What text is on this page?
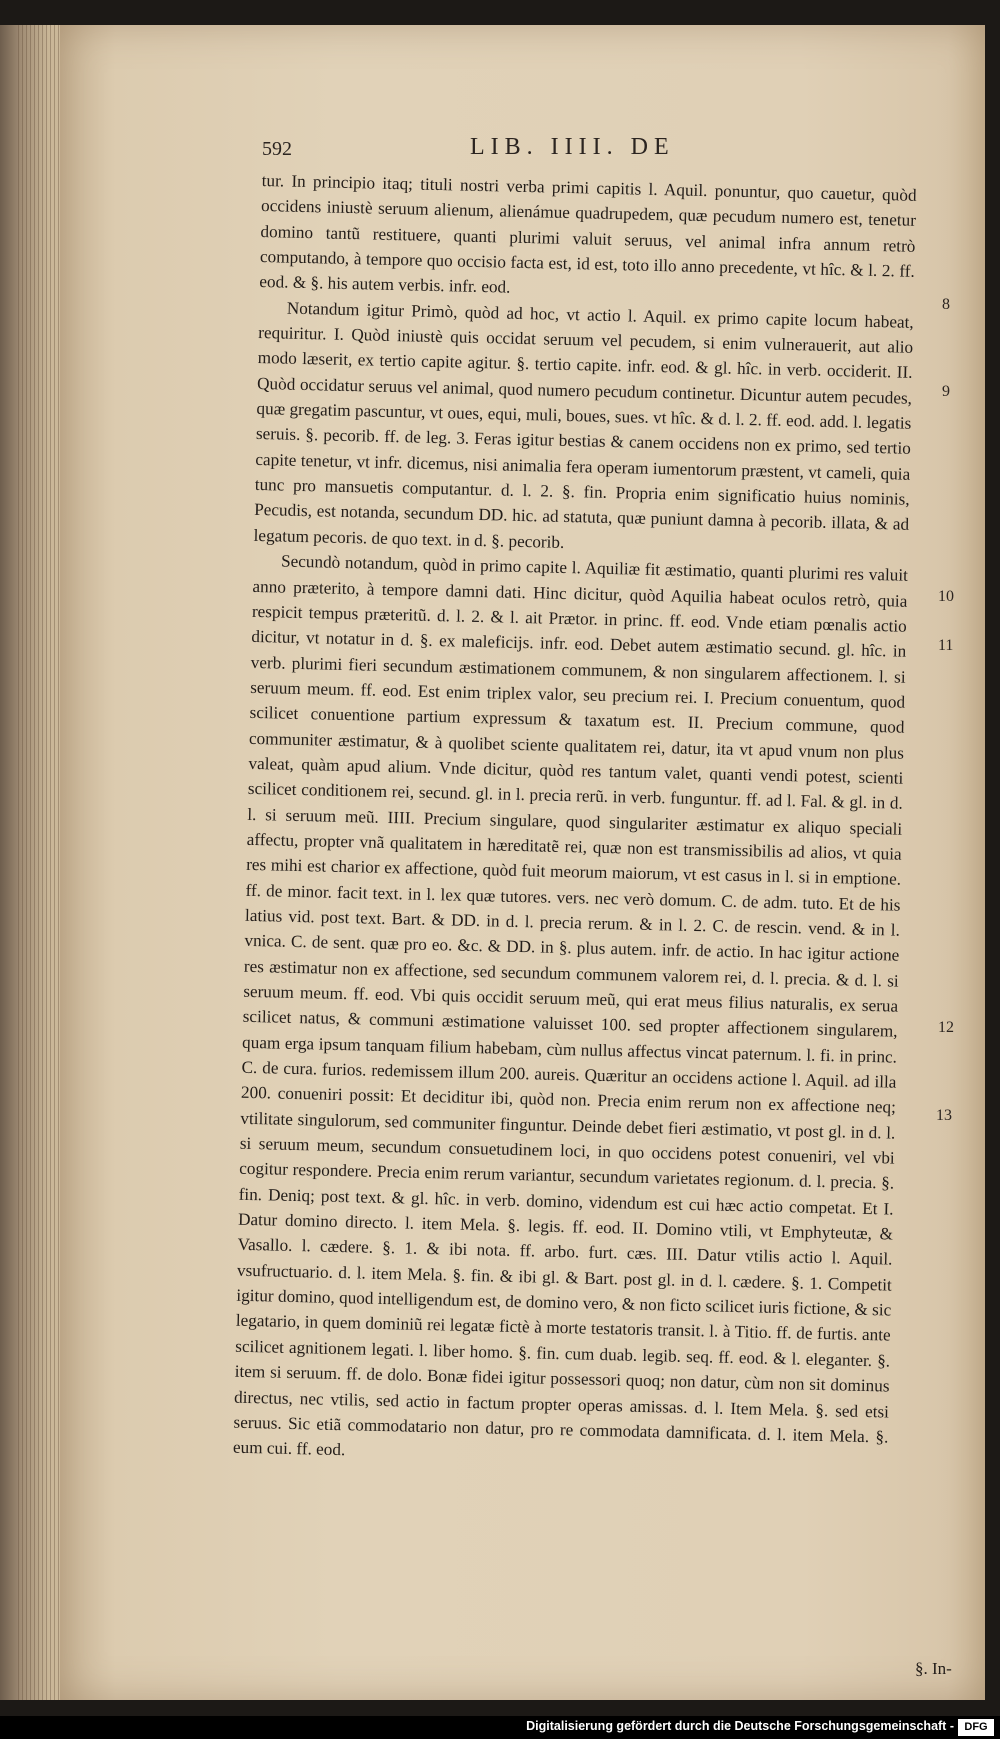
592	LIB. IIII. DE

tur. In principio itaq; tituli nostri verba primi capitis l. Aquil. ponuntur, quo cauetur, quòd occidens iniustè seruum alienum, alienámue quadrupedem, quæ pecudum numero est, tenetur domino tantũ restituere, quanti plurimi valuit seruus, vel animal infra annum retrò computando, à tempore quo occisio facta est, id est, toto illo anno precedente, vt hîc. & l. 2. ff. eod. & §. his autem verbis. infr. eod.

Notandum igitur Primò, quòd ad hoc, vt actio l. Aquil. ex primo capite locum habeat, requiritur. I. Quòd iniustè quis occidat seruum vel pecudem, si enim vulnerauerit, aut alio modo læserit, ex tertio capite agitur. §. tertio capite. infr. eod. & gl. hîc. in verb. occiderit. II. Quòd occidatur seruus vel animal, quod numero pecudum continetur. Dicuntur autem pecudes, quæ gregatim pascuntur, vt oues, equi, muli, boues, sues. vt hîc. & d. l. 2. ff. eod. add. l. legatis seruis. §. pecorib. ff. de leg. 3. Feras igitur bestias & canem occidens non ex primo, sed tertio capite tenetur, vt infr. dicemus, nisi animalia fera operam iumentorum præstent, vt cameli, quia tunc pro mansuetis computantur. d. l. 2. §. fin. Propria enim significatio huius nominis, Pecudis, est notanda, secundum DD. hic. ad statuta, quæ puniunt damna à pecorib. illata, & ad legatum pecoris. de quo text. in d. §. pecorib.

Secundò notandum, quòd in primo capite l. Aquiliæ fit æstimatio, quanti plurimi res valuit anno præterito, à tempore damni dati. Hinc dicitur, quòd Aquilia habeat oculos retrò, quia respicit tempus præteritũ. d. l. 2. & l. ait Prætor. in princ. ff. eod. Vnde etiam pœnalis actio dicitur, vt notatur in d. §. ex maleficijs. infr. eod. Debet autem æstimatio secund. gl. hîc. in verb. plurimi fieri secundum æstimationem communem, & non singularem affectionem. l. si seruum meum. ff. eod. Est enim triplex valor, seu precium rei. I. Precium conuentum, quod scilicet conuentione partium expressum & taxatum est. II. Precium commune, quod communiter æstimatur, & à quolibet sciente qualitatem rei, datur, ita vt apud vnum non plus valeat, quàm apud alium. Vnde dicitur, quòd res tantum valet, quanti vendi potest, scienti scilicet conditionem rei, secund. gl. in l. precia rerũ. in verb. funguntur. ff. ad l. Fal. & gl. in d. l. si seruum meũ. IIII. Precium singulare, quod singulariter æstimatur ex aliquo speciali affectu, propter vnã qualitatem in hæreditatẽ rei, quæ non est transmissibilis ad alios, vt quia res mihi est charior ex affectione, quòd fuit meorum maiorum, vt est casus in l. si in emptione. ff. de minor. facit text. in l. lex quæ tutores. vers. nec verò domum. C. de adm. tuto. Et de his latius vid. post text. Bart. & DD. in d. l. precia rerum. & in l. 2. C. de rescin. vend. & in l. vnica. C. de sent. quæ pro eo. &c. & DD. in §. plus autem. infr. de actio. In hac igitur actione res æstimatur non ex affectione, sed secundum communem valorem rei, d. l. precia. & d. l. si seruum meum. ff. eod. Vbi quis occidit seruum meũ, qui erat meus filius naturalis, ex serua scilicet natus, & communi æstimatione valuisset 100. sed propter affectionem singularem, quam erga ipsum tanquam filium habebam, cùm nullus affectus vincat paternum. l. fi. in princ. C. de cura. furios. redemissem illum 200. aureis. Quæritur an occidens actione l. Aquil. ad illa 200. conueniri possit: Et deciditur ibi, quòd non. Precia enim rerum non ex affectione neq; vtilitate singulorum, sed communiter finguntur. Deinde debet fieri æstimatio, vt post gl. in d. l. si seruum meum, secundum consuetudinem loci, in quo occidens potest conueniri, vel vbi cogitur respondere. Precia enim rerum variantur, secundum varietates regionum. d. l. precia. §. fin. Deniq; post text. & gl. hîc. in verb. domino, videndum est cui hæc actio competat. Et I. Datur domino directo. l. item Mela. §. legis. ff. eod. II. Domino vtili, vt Emphyteutæ, & Vasallo. l. cædere. §. 1. & ibi nota. ff. arbo. furt. cæs. III. Datur vtilis actio l. Aquil. vsufructuario. d. l. item Mela. §. fin. & ibi gl. & Bart. post gl. in d. l. cædere. §. 1. Competit igitur domino, quod intelligendum est, de domino vero, & non ficto scilicet iuris fictione, & sic legatario, in quem dominiũ rei legatæ fictè à morte testatoris transit. l. à Titio. ff. de furtis. ante scilicet agnitionem legati. l. liber homo. §. fin. cum duab. legib. seq. ff. eod. & l. eleganter. §. item si seruum. ff. de dolo. Bonæ fidei igitur possessori quoq; non datur, cùm non sit dominus directus, nec vtilis, sed actio in factum propter operas amissas. d. l. Item Mela. §. sed etsi seruus. Sic etiã commodatario non datur, pro re commodata damnificata. d. l. item Mela. §. eum cui. ff. eod.

8
9
10
11
12
13
§. In-
Digitalisierung gefördert durch die Deutsche Forschungsgemeinschaft - DFG
